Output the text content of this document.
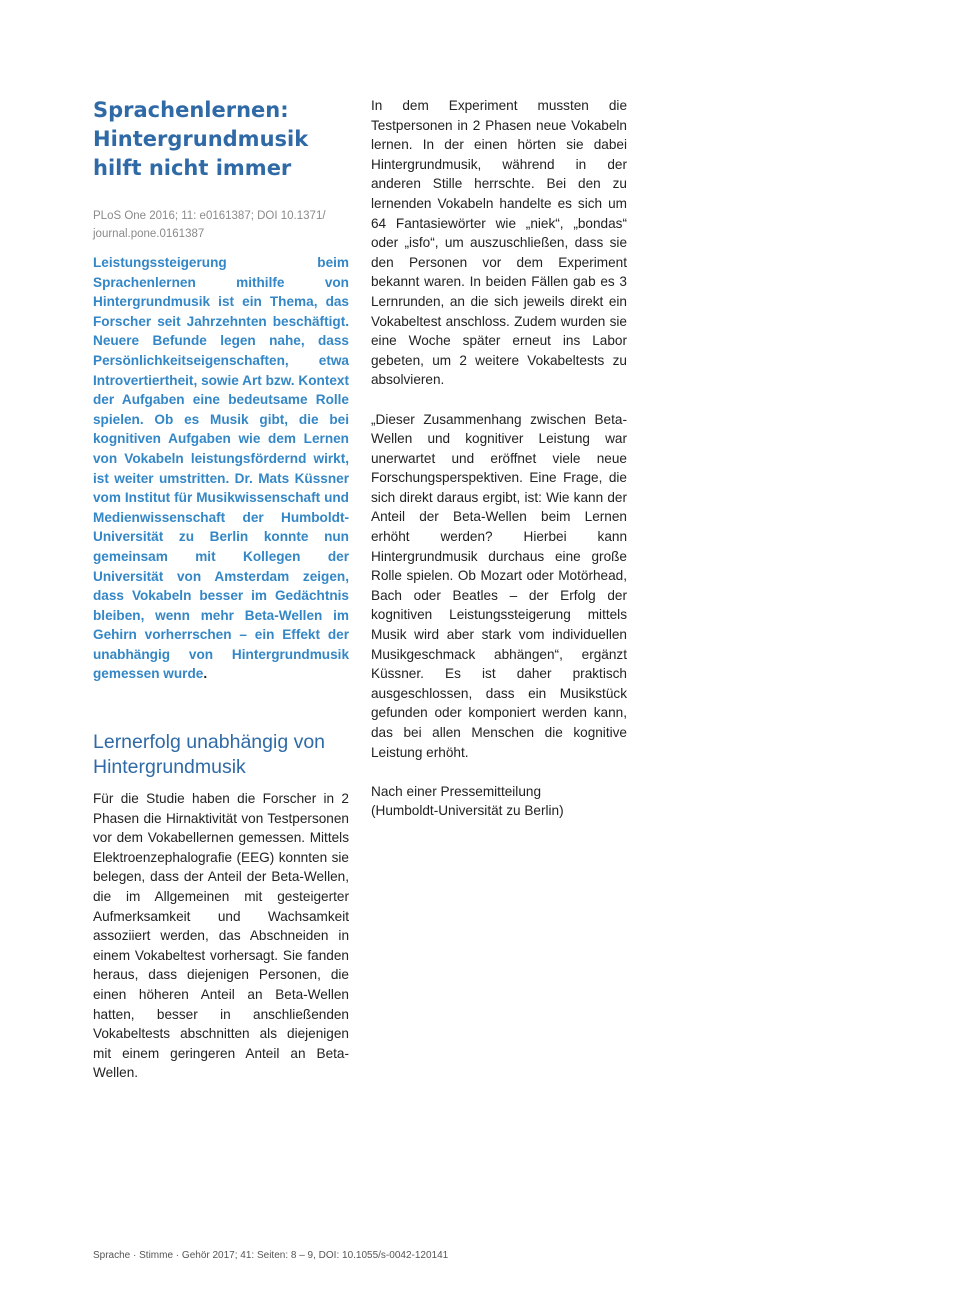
Sprachenlernen: Hintergrundmusik hilft nicht immer
PLoS One 2016; 11: e0161387; DOI 10.1371/ journal.pone.0161387

Leistungssteigerung beim Sprachenlernen mithilfe von Hintergrundmusik ist ein Thema, das Forscher seit Jahrzehnten beschäftigt. Neuere Befunde legen nahe, dass Persönlichkeitseigenschaften, etwa Introvertiertheit, sowie Art bzw. Kontext der Aufgaben eine bedeutsame Rolle spielen. Ob es Musik gibt, die bei kognitiven Aufgaben wie dem Lernen von Vokabeln leistungsfördernd wirkt, ist weiter umstritten. Dr. Mats Küssner vom Institut für Musikwissenschaft und Medienwissenschaft der Humboldt-Universität zu Berlin konnte nun gemeinsam mit Kollegen der Universität von Amsterdam zeigen, dass Vokabeln besser im Gedächtnis bleiben, wenn mehr Beta-Wellen im Gehirn vorherrschen – ein Effekt der unabhängig von Hintergrundmusik gemessen wurde.

Lernerfolg unabhängig von Hintergrundmusik

Für die Studie haben die Forscher in 2 Phasen die Hirnaktivität von Testpersonen vor dem Vokabellernen gemessen. Mittels Elektroenzephalografie (EEG) konnten sie belegen, dass der Anteil der Beta-Wellen, die im Allgemeinen mit gesteigerter Aufmerksamkeit und Wachsamkeit assoziiert werden, das Abschneiden in einem Vokabeltest vorhersagt. Sie fanden heraus, dass diejenigen Personen, die einen höheren Anteil an Beta-Wellen hatten, besser in anschließenden Vokabeltests abschnitten als diejenigen mit einem geringeren Anteil an Beta-Wellen.

In dem Experiment mussten die Testpersonen in 2 Phasen neue Vokabeln lernen. In der einen hörten sie dabei Hintergrundmusik, während in der anderen Stille herrschte. Bei den zu lernenden Vokabeln handelte es sich um 64 Fantasiewörter wie „niek“, „bondas“ oder „isfo“, um auszuschließen, dass sie den Personen vor dem Experiment bekannt waren. In beiden Fällen gab es 3 Lernrunden, an die sich jeweils direkt ein Vokabeltest anschloss. Zudem wurden sie eine Woche später erneut ins Labor gebeten, um 2 weitere Vokabeltests zu absolvieren.

„Dieser Zusammenhang zwischen Beta-Wellen und kognitiver Leistung war unerwartet und eröffnet viele neue Forschungsperspektiven. Eine Frage, die sich direkt daraus ergibt, ist: Wie kann der Anteil der Beta-Wellen beim Lernen erhöht werden? Hierbei kann Hintergrundmusik durchaus eine große Rolle spielen. Ob Mozart oder Motörhead, Bach oder Beatles – der Erfolg der kognitiven Leistungssteigerung mittels Musik wird aber stark vom individuellen Musikgeschmack abhängen“, ergänzt Küssner. Es ist daher praktisch ausgeschlossen, dass ein Musikstück gefunden oder komponiert werden kann, das bei allen Menschen die kognitive Leistung erhöht.

Nach einer Pressemitteilung
(Humboldt-Universität zu Berlin)
Sprache · Stimme · Gehör 2017; 41: Seiten: 8 – 9, DOI: 10.1055/s-0042-120141
